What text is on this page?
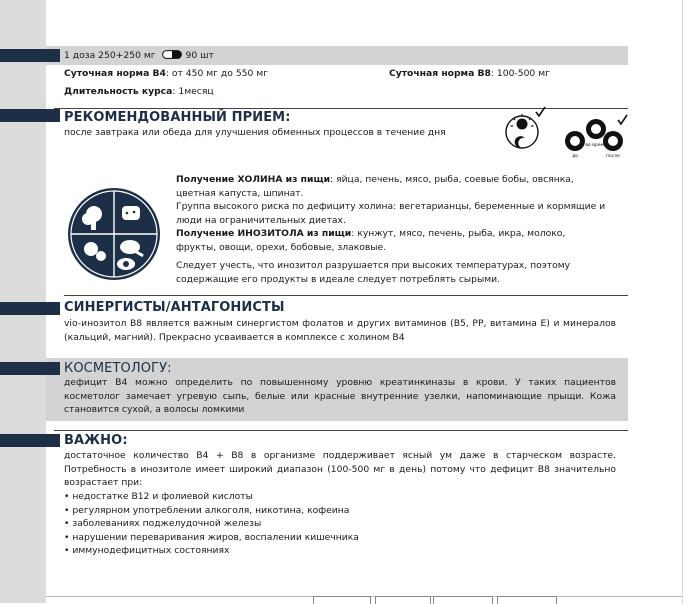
1 доза 250+250 мг	90 шт
Суточная норма В4: от 450 мг до 550 мг	Суточная норма В8: 100-500 мг
Длительность курса: 1месяц
РЕКОМЕНДОВАННЫЙ ПРИЕМ:
после завтрака или обеда для улучшения обменных процессов в течение дня
во время
до	после

Получение ХОЛИНА из пищи: яйца, печень, мясо, рыба, соевые бобы, овсянка, цветная капуста, шпинат.

Группа высокого риска по дефициту холина: вегетарианцы, беременные и кормящие и люди на ограничительных диетах.

Получение ИНОЗИТОЛА из пищи: кунжут, мясо, печень, рыба, икра, молоко, фрукты, овощи, орехи, бобовые, злаковые.

Следует учесть, что инозитол разрушается при высоких температурах, поэтому содержащие его продукты в идеале следует потреблять сырыми.

СИНЕРГИСТЫ/АНТАГОНИСТЫ
vio-инозитол В8 является важным синергистом фолатов и других витаминов (В5, РР, витамина Е) и минералов (кальций, магний). Прекрасно усваивается в комплексе с холином В4
КОСМЕТОЛОГУ:
дефицит В4 можно определить по повышенному уровню креатинкиназы в крови. У таких пациентов косметолог замечает угревую сыпь, белые или красные внутренние узелки, напоминающие прыщи. Кожа становится сухой, а волосы ломкими
ВАЖНО:
достаточное количество В4 + В8 в организме поддерживает ясный ум даже в старческом возрасте. Потребность в инозитоле имеет широкий диапазон (100-500 мг в день) потому что дефицит В8 значительно возрастает при:
• недостатке В12 и фолиевой кислоты
• регулярном употреблении алкоголя, никотина, кофеина
• заболеваниях поджелудочной железы
• нарушении переваривания жиров, воспалении кишечника
• иммунодефицитных состояниях
